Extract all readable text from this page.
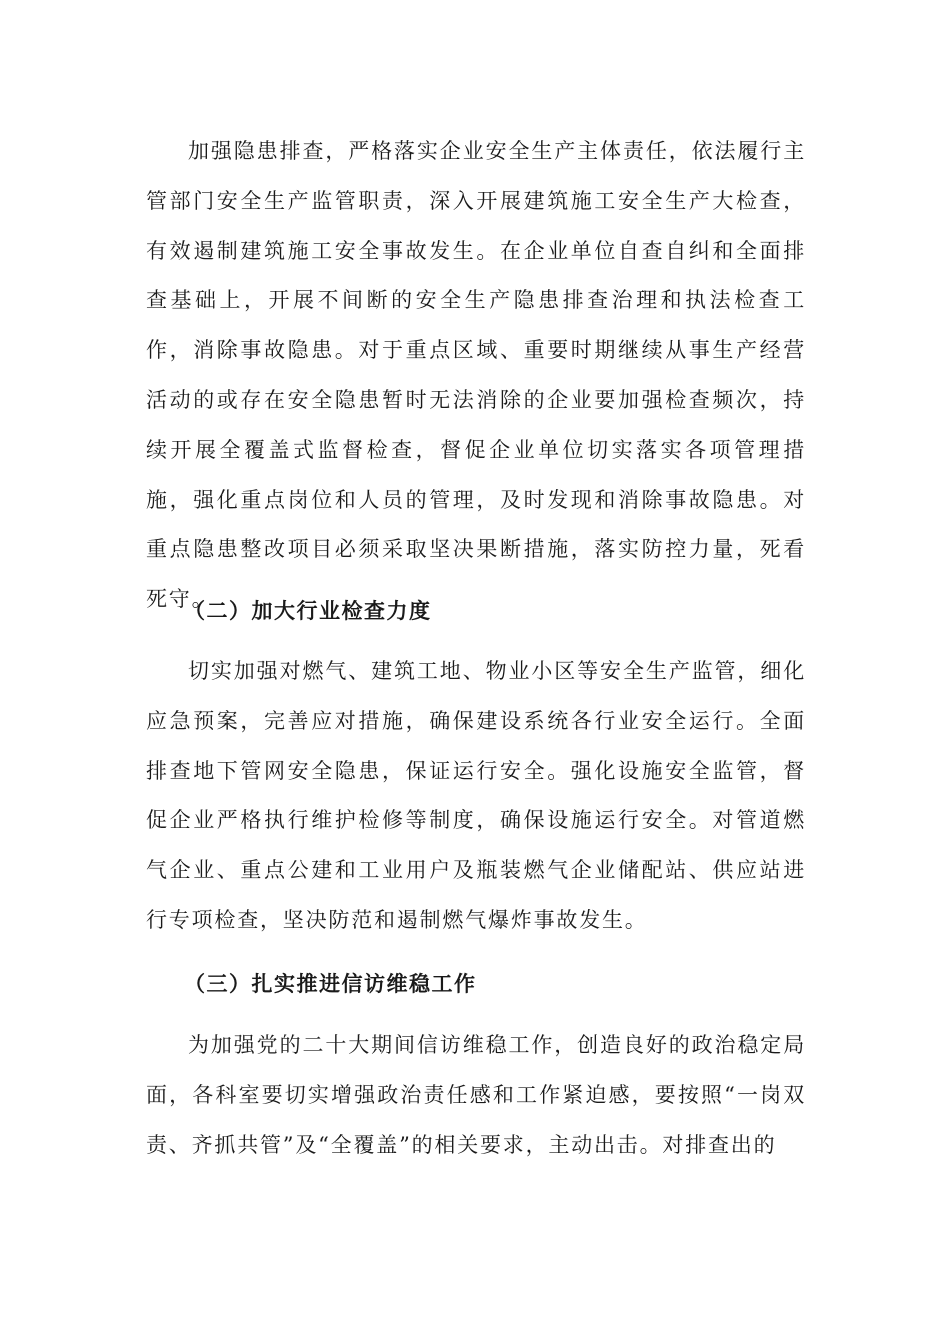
加强隐患排查，严格落实企业安全生产主体责任，依法履行主管部门安全生产监管职责，深入开展建筑施工安全生产大检查，有效遏制建筑施工安全事故发生。在企业单位自查自纠和全面排查基础上，开展不间断的安全生产隐患排查治理和执法检查工作，消除事故隐患。对于重点区域、重要时期继续从事生产经营活动的或存在安全隐患暂时无法消除的企业要加强检查频次，持续开展全覆盖式监督检查，督促企业单位切实落实各项管理措施，强化重点岗位和人员的管理，及时发现和消除事故隐患。对重点隐患整改项目必须采取坚决果断措施，落实防控力量，死看死守。

（二）加大行业检查力度

切实加强对燃气、建筑工地、物业小区等安全生产监管，细化应急预案，完善应对措施，确保建设系统各行业安全运行。全面排查地下管网安全隐患，保证运行安全。强化设施安全监管，督促企业严格执行维护检修等制度，确保设施运行安全。对管道燃气企业、重点公建和工业用户及瓶装燃气企业储配站、供应站进行专项检查，坚决防范和遏制燃气爆炸事故发生。

（三）扎实推进信访维稳工作

为加强党的二十大期间信访维稳工作，创造良好的政治稳定局面，各科室要切实增强政治责任感和工作紧迫感，要按照“一岗双责、齐抓共管”及“全覆盖”的相关要求，主动出击。对排查出的
